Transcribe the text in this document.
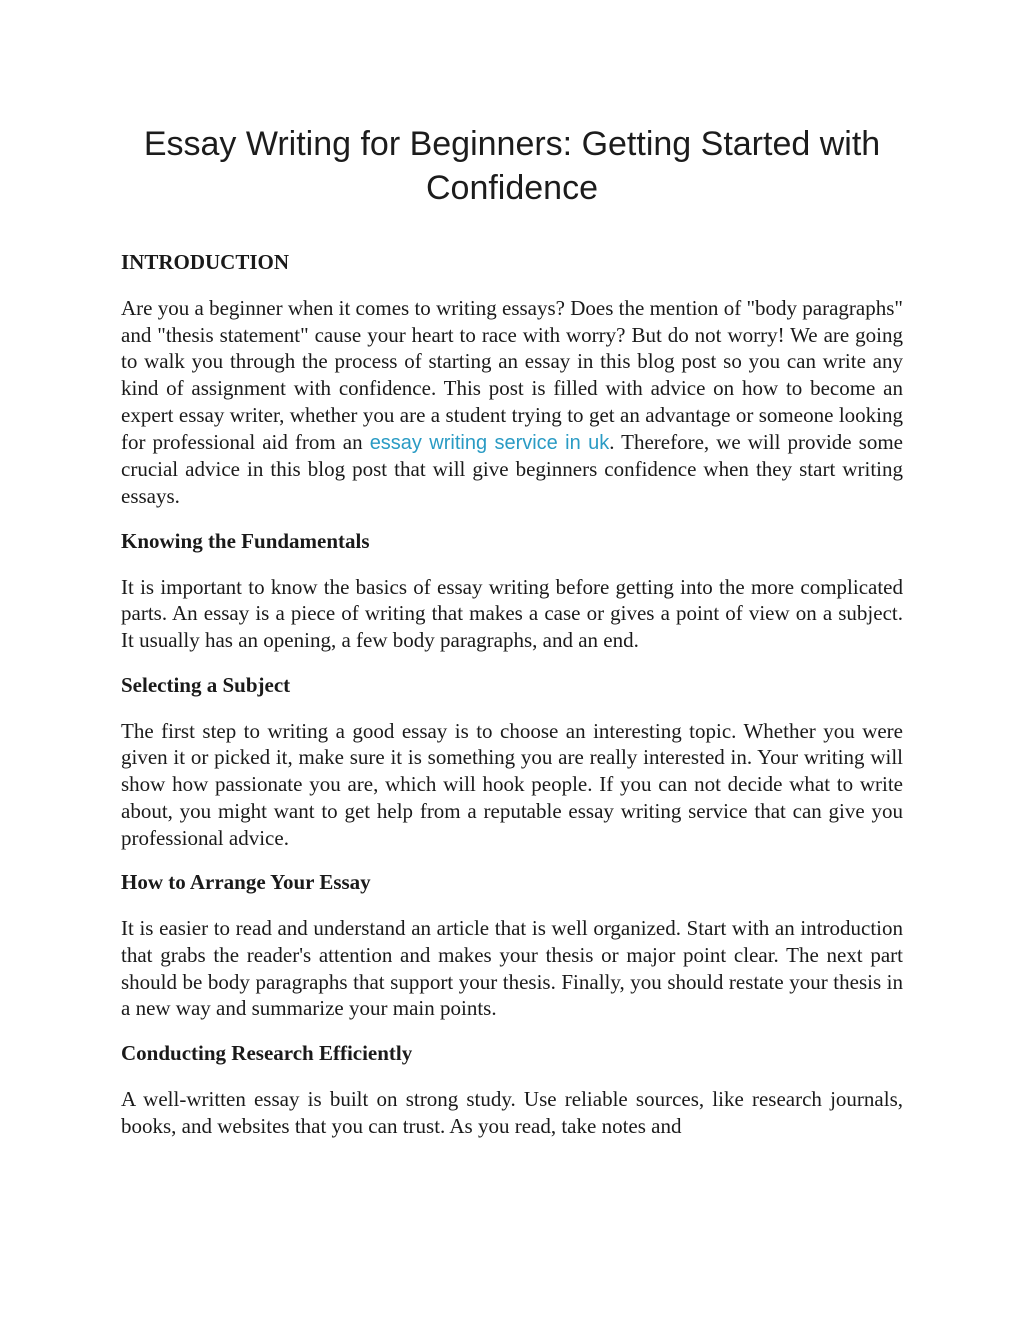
Essay Writing for Beginners: Getting Started with Confidence
INTRODUCTION

Are you a beginner when it comes to writing essays? Does the mention of "body paragraphs" and "thesis statement" cause your heart to race with worry? But do not worry! We are going to walk you through the process of starting an essay in this blog post so you can write any kind of assignment with confidence. This post is filled with advice on how to become an expert essay writer, whether you are a student trying to get an advantage or someone looking for professional aid from an essay writing service in uk. Therefore, we will provide some crucial advice in this blog post that will give beginners confidence when they start writing essays.

Knowing the Fundamentals

It is important to know the basics of essay writing before getting into the more complicated parts. An essay is a piece of writing that makes a case or gives a point of view on a subject. It usually has an opening, a few body paragraphs, and an end.

Selecting a Subject

The first step to writing a good essay is to choose an interesting topic. Whether you were given it or picked it, make sure it is something you are really interested in. Your writing will show how passionate you are, which will hook people. If you can not decide what to write about, you might want to get help from a reputable essay writing service that can give you professional advice.

How to Arrange Your Essay

It is easier to read and understand an article that is well organized. Start with an introduction that grabs the reader's attention and makes your thesis or major point clear. The next part should be body paragraphs that support your thesis. Finally, you should restate your thesis in a new way and summarize your main points.

Conducting Research Efficiently

A well-written essay is built on strong study. Use reliable sources, like research journals, books, and websites that you can trust. As you read, take notes and
